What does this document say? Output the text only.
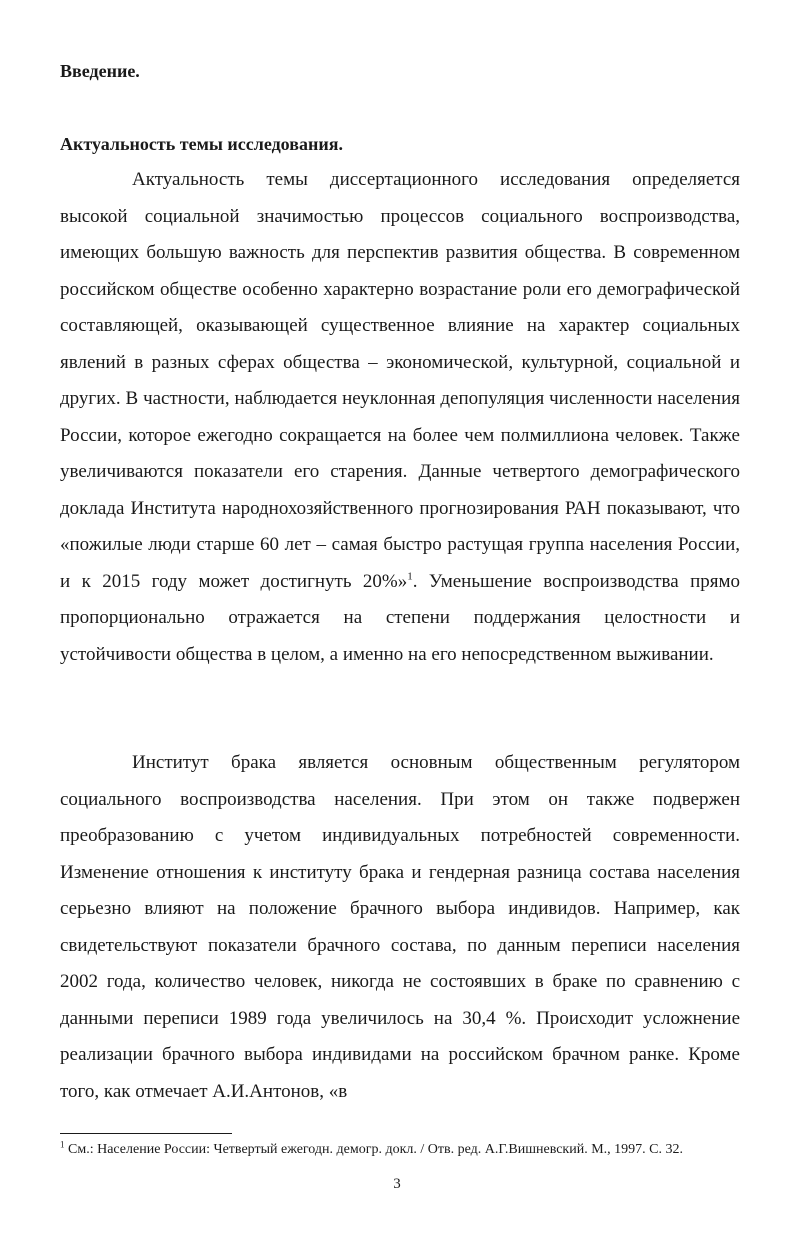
Введение.
Актуальность темы исследования.

Актуальность темы диссертационного исследования определяется высокой социальной значимостью процессов социального воспроизводства, имеющих большую важность для перспектив развития общества. В современном российском обществе особенно характерно возрастание роли его демографической составляющей, оказывающей существенное влияние на характер социальных явлений в разных сферах общества – экономической, культурной, социальной и других. В частности, наблюдается неуклонная депопуляция численности населения России, которое ежегодно сокращается на более чем полмиллиона человек. Также увеличиваются показатели его старения. Данные четвертого демографического доклада Института народнохозяйственного прогнозирования РАН показывают, что «пожилые люди старше 60 лет – самая быстро растущая группа населения России, и к 2015 году может достигнуть 20%»$^1$. Уменьшение воспроизводства прямо пропорционально отражается на степени поддержания целостности и устойчивости общества в целом, а именно на его непосредственном выживании.

Институт брака является основным общественным регулятором социального воспроизводства населения. При этом он также подвержен преобразованию с учетом индивидуальных потребностей современности. Изменение отношения к институту брака и гендерная разница состава населения серьезно влияют на положение брачного выбора индивидов. Например, как свидетельствуют показатели брачного состава, по данным переписи населения 2002 года, количество человек, никогда не состоявших в браке по сравнению с данными переписи 1989 года увеличилось на 30,4 %. Происходит усложнение реализации брачного выбора индивидами на российском брачном ранке. Кроме того, как отмечает А.И.Антонов, «в

$^1$ См.: Население России: Четвертый ежегодн. демогр. докл. / Отв. ред. А.Г.Вишневский. М., 1997. С. 32.

3
